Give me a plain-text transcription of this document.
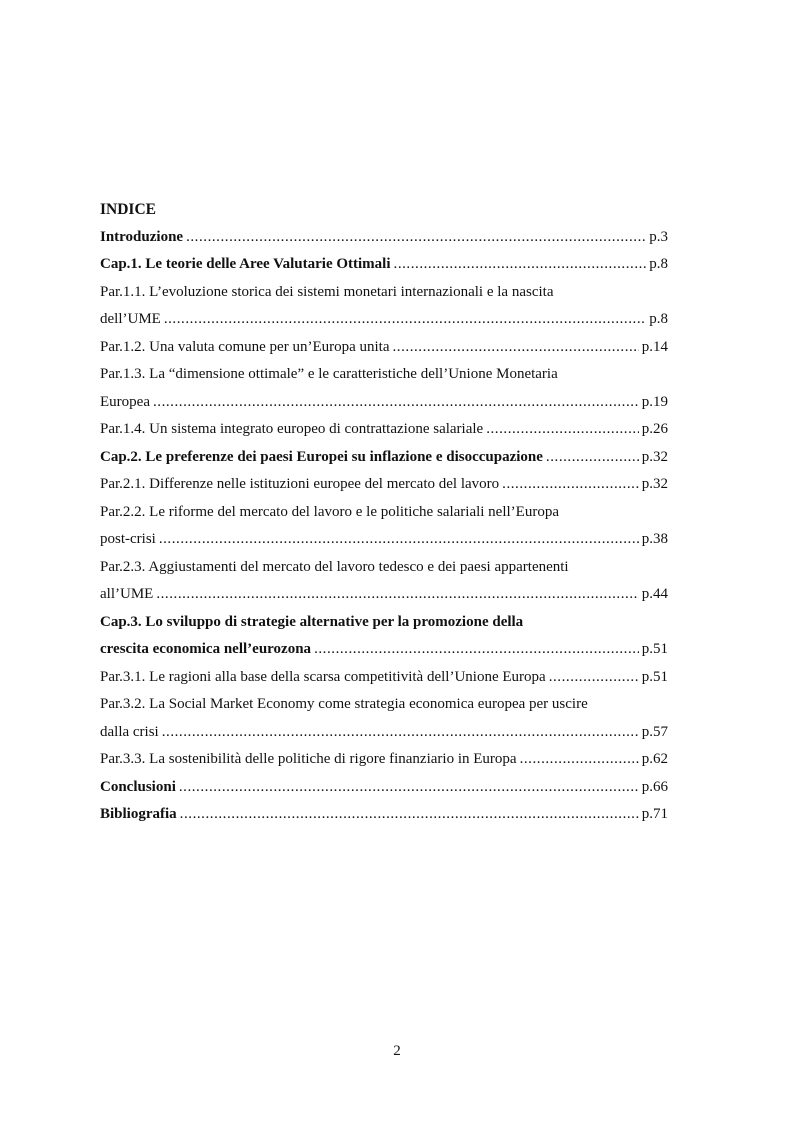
INDICE
Introduzione . . .	p.3
Cap.1. Le teorie delle Aree Valutarie Ottimali . . .	p.8
Par.1.1. L’evoluzione storica dei sistemi monetari internazionali e la nascita
dell’UME . . .	p.8
Par.1.2. Una valuta comune per un’Europa unita . . .	p.14
Par.1.3. La “dimensione ottimale” e le caratteristiche dell’Unione Monetaria
Europea . . .	p.19
Par.1.4. Un sistema integrato europeo di contrattazione salariale . . .	p.26
Cap.2. Le preferenze dei paesi Europei su inflazione e disoccupazione . . .	p.32
Par.2.1. Differenze nelle istituzioni europee del mercato del lavoro . . .	p.32
Par.2.2. Le riforme del mercato del lavoro e le politiche salariali nell’Europa
post-crisi . . .	p.38
Par.2.3. Aggiustamenti del mercato del lavoro tedesco e dei paesi appartenenti
all’UME . . .	p.44
Cap.3. Lo sviluppo di strategie alternative per la promozione della
crescita economica nell’eurozona . . .	p.51
Par.3.1. Le ragioni alla base della scarsa competitività dell’Unione Europa . . .	p.51
Par.3.2. La Social Market Economy come strategia economica europea per uscire
dalla crisi . . .	p.57
Par.3.3. La sostenibilità delle politiche di rigore finanziario in Europa . . .	p.62
Conclusioni . . .	p.66
Bibliografia . . .	p.71
2
